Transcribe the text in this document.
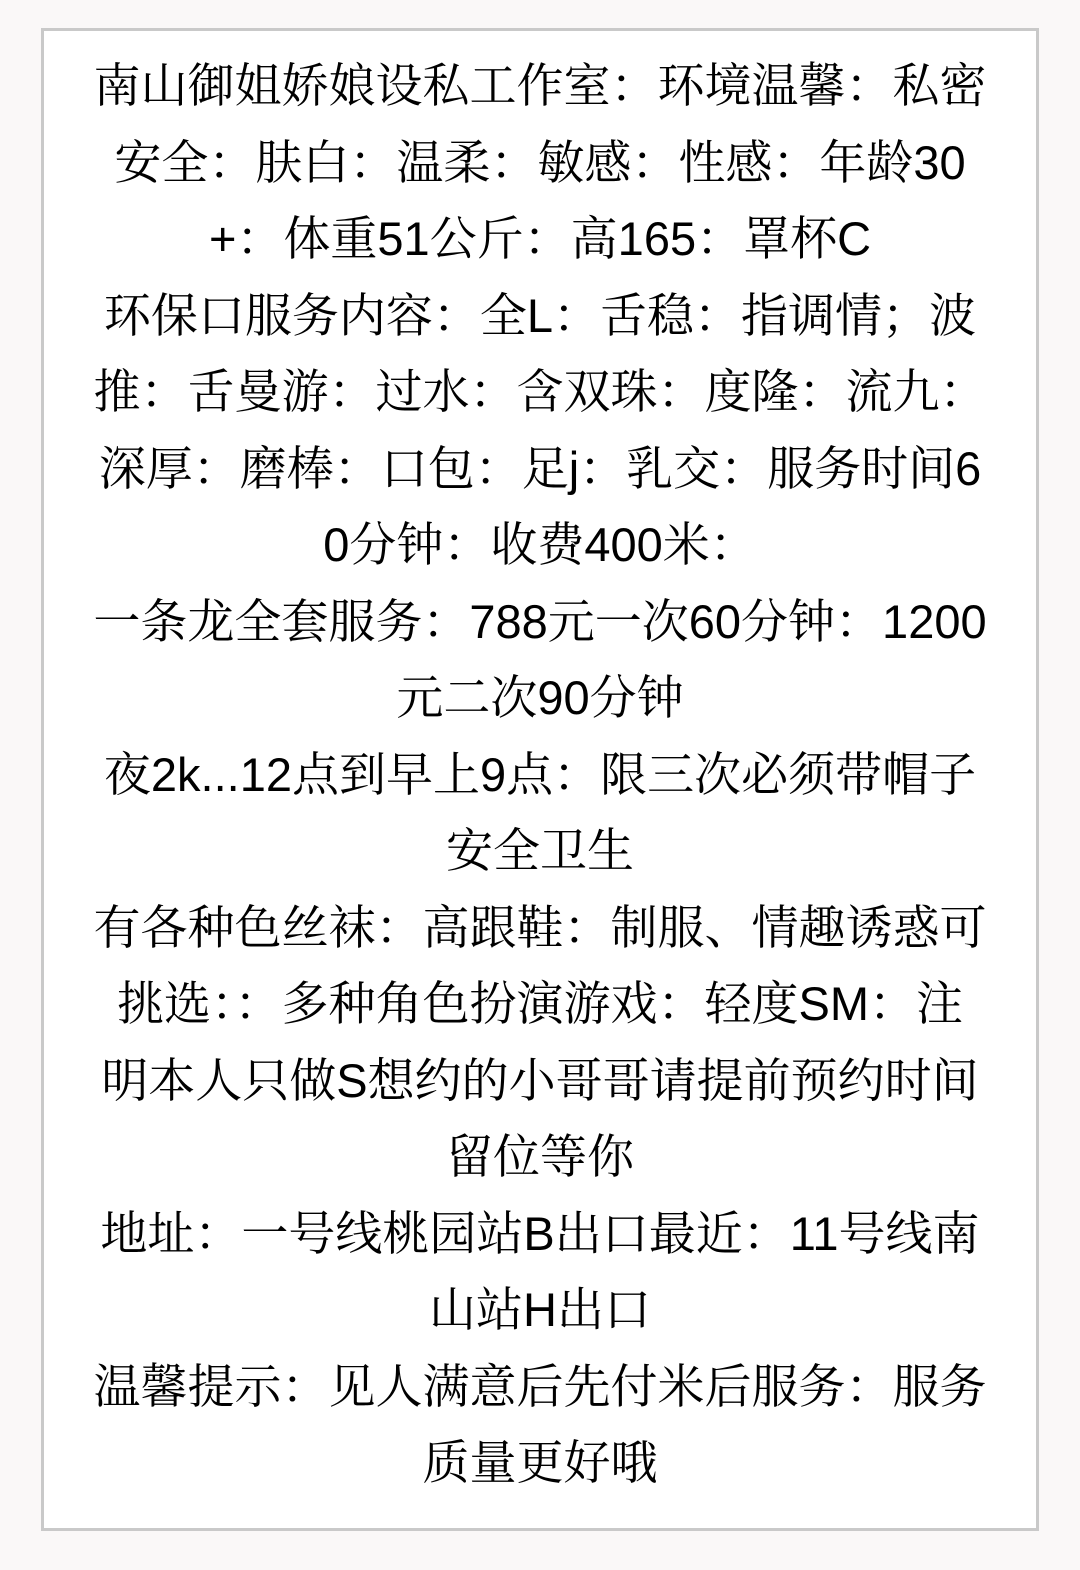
南山御姐娇娘设私工作室：环境温馨：私密
安全：肤白：温柔：敏感：性感：年龄30
+：体重51公斤：高165：罩杯C
环保口服务内容：全L：舌稳：指调情；波
推：舌曼游：过水：含双珠：度隆：流九：
深厚：磨棒：口包：足j：乳交：服务时间6
0分钟：收费400米：
一条龙全套服务：788元一次60分钟：1200
元二次90分钟
夜2k...12点到早上9点：限三次必须带帽子
安全卫生
有各种色丝袜：高跟鞋：制服、情趣诱惑可
挑选：：多种角色扮演游戏：轻度SM：注
明本人只做S想约的小哥哥请提前预约时间
留位等你
地址：一号线桃园站B出口最近：11号线南
山站H出口
温馨提示：见人满意后先付米后服务：服务
质量更好哦
